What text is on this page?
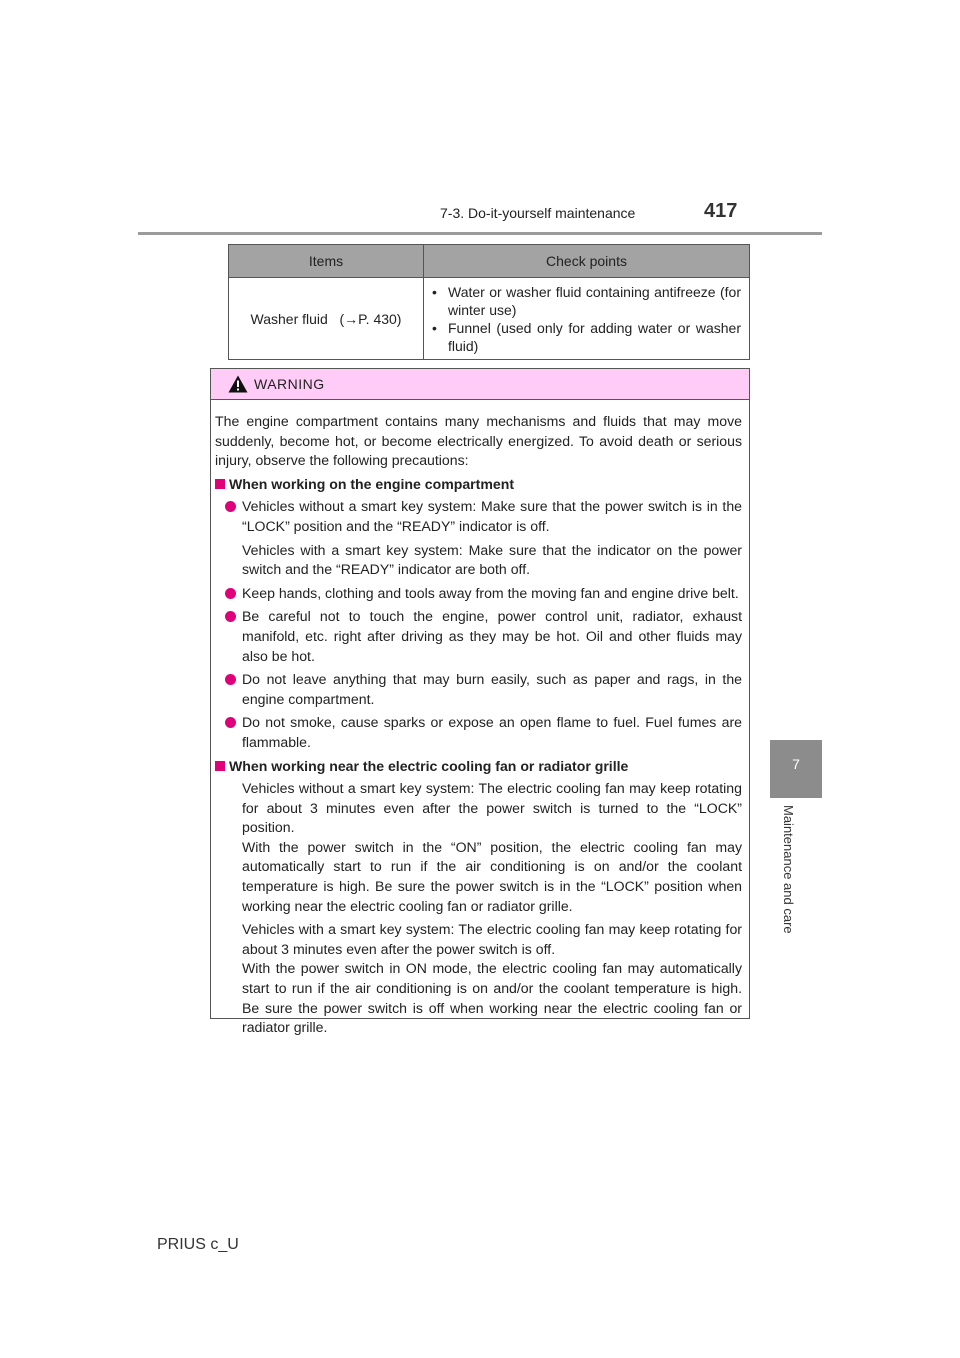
7-3. Do-it-yourself maintenance	417
7
Maintenance and care
Items	Check points
Washer fluid   (→P. 430)	• Water or washer fluid containing antifreeze (for winter use)
• Funnel (used only for adding water or washer fluid)
WARNING

The engine compartment contains many mechanisms and fluids that may move suddenly, become hot, or become electrically energized. To avoid death or serious injury, observe the following precautions:

When working on the engine compartment
Vehicles without a smart key system: Make sure that the power switch is in the “LOCK” position and the “READY” indicator is off.

Vehicles with a smart key system: Make sure that the indicator on the power switch and the “READY” indicator are both off.

Keep hands, clothing and tools away from the moving fan and engine drive belt.
Be careful not to touch the engine, power control unit, radiator, exhaust manifold, etc. right after driving as they may be hot. Oil and other fluids may also be hot.
Do not leave anything that may burn easily, such as paper and rags, in the engine compartment.
Do not smoke, cause sparks or expose an open flame to fuel. Fuel fumes are flammable.
When working near the electric cooling fan or radiator grille
Vehicles without a smart key system: The electric cooling fan may keep rotating for about 3 minutes even after the power switch is turned to the “LOCK” position.
With the power switch in the “ON” position, the electric cooling fan may automatically start to run if the air conditioning is on and/or the coolant temperature is high. Be sure the power switch is in the “LOCK” position when working near the electric cooling fan or radiator grille.
Vehicles with a smart key system: The electric cooling fan may keep rotating for about 3 minutes even after the power switch is off.
With the power switch in ON mode, the electric cooling fan may automatically start to run if the air conditioning is on and/or the coolant temperature is high. Be sure the power switch is off when working near the electric cooling fan or radiator grille.
PRIUS c_U
